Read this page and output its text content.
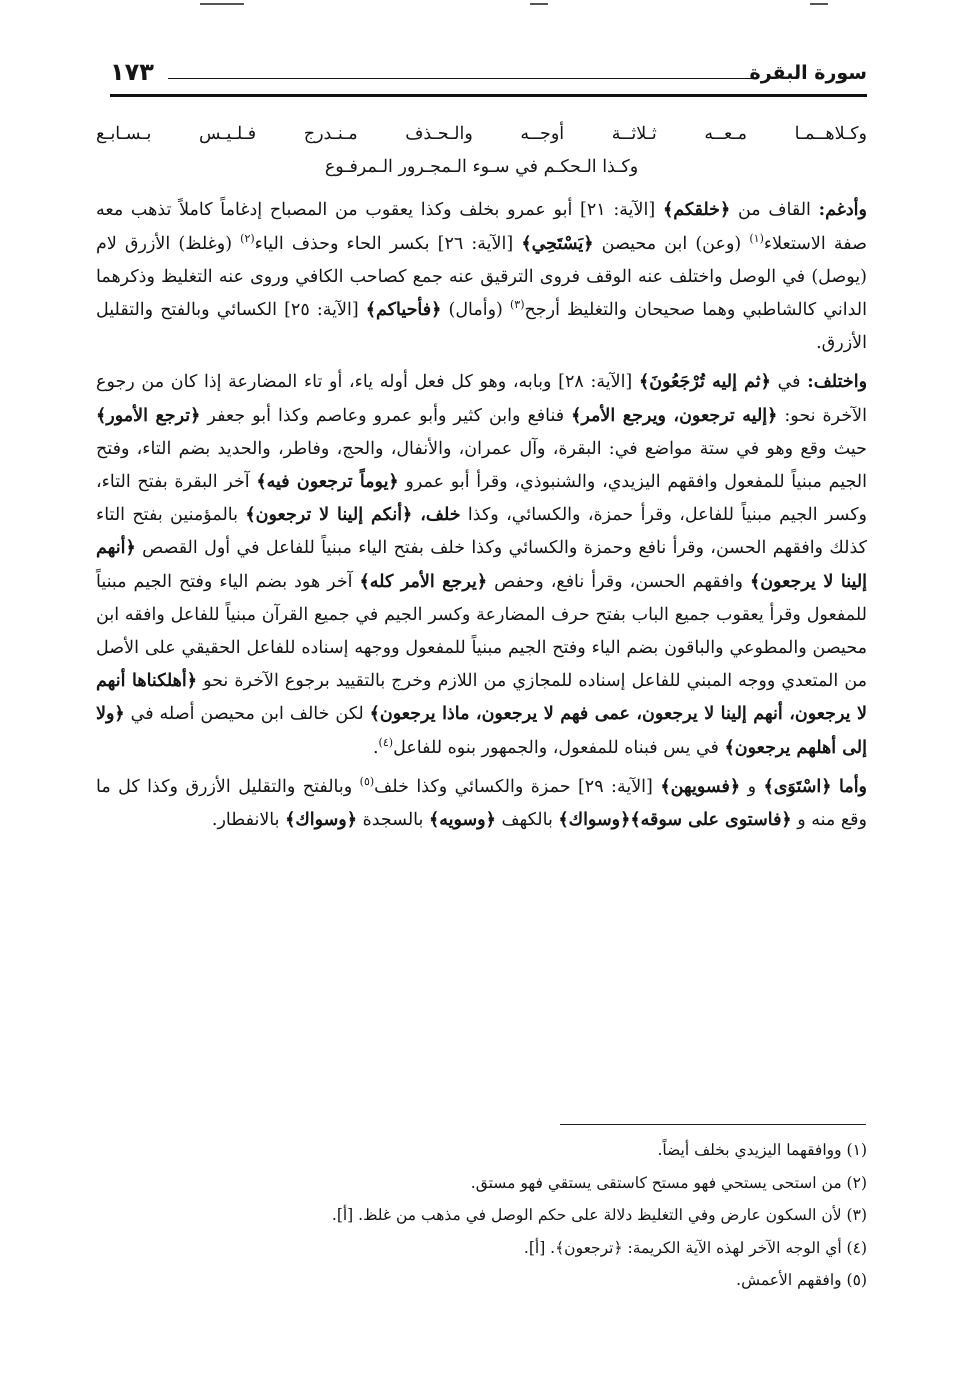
١٧٣	سورة البقرة
وكـلاهــمـا مـعــه ثـلاثــة أوجــه والـحـذف مـنـدرج فـلـيـس بـسـابـع
وكـذا الـحكـم في سـوء الـمجـرور الـمرفـوع
وأدغم: القاف من ﴿خلقكم﴾ [الآية: ٢١] أبو عمرو بخلف وكذا يعقوب من المصباح إدغاماً كاملاً تذهب معه صفة الاستعلاء$^{(١)}$ (وعن) ابن محيصن ﴿يَسْتَحِي﴾ [الآية: ٢٦] بكسر الحاء وحذف الياء$^{(٢)}$ (وغلظ) الأزرق لام (يوصل) في الوصل واختلف عنه الوقف فروى الترقيق عنه جمع كصاحب الكافي وروى عنه التغليظ وذكرهما الداني كالشاطبي وهما صحيحان والتغليظ أرجح$^{(٣)}$ (وأمال) ﴿فأحياكم﴾ [الآية: ٢٥] الكسائي وبالفتح والتقليل الأزرق.
واختلف: في ﴿ثم إليه تُرْجَعُونَ﴾ [الآية: ٢٨] وبابه، وهو كل فعل أوله ياء، أو تاء المضارعة إذا كان من رجوع الآخرة نحو: ﴿إليه ترجعون، ويرجع الأمر﴾ فنافع وابن كثير وأبو عمرو وعاصم وكذا أبو جعفر ﴿ترجع الأمور﴾ حيث وقع وهو في ستة مواضع في: البقرة، وآل عمران، والأنفال، والحج، وفاطر، والحديد بضم التاء، وفتح الجيم مبنياً للمفعول وافقهم اليزيدي، والشنبوذي، وقرأ أبو عمرو ﴿يوماً ترجعون فيه﴾ آخر البقرة بفتح التاء، وكسر الجيم مبنياً للفاعل، وقرأ حمزة، والكسائي، وكذا خلف، ﴿أنكم إلينا لا ترجعون﴾ بالمؤمنين بفتح التاء كذلك وافقهم الحسن، وقرأ نافع وحمزة والكسائي وكذا خلف بفتح الياء مبنياً للفاعل في أول القصص ﴿أنهم إلينا لا يرجعون﴾ وافقهم الحسن، وقرأ نافع، وحفص ﴿يرجع الأمر كله﴾ آخر هود بضم الياء وفتح الجيم مبنياً للمفعول وقرأ يعقوب جميع الباب بفتح حرف المضارعة وكسر الجيم في جميع القرآن مبنياً للفاعل وافقه ابن محيصن والمطوعي والباقون بضم الياء وفتح الجيم مبنياً للمفعول ووجهه إسناده للفاعل الحقيقي على الأصل من المتعدي ووجه المبني للفاعل إسناده للمجازي من اللازم وخرج بالتقييد برجوع الآخرة نحو ﴿أهلكناها أنهم لا يرجعون، أنهم إلينا لا يرجعون، عمى فهم لا يرجعون، ماذا يرجعون﴾ لكن خالف ابن محيصن أصله في ﴿ولا إلى أهلهم يرجعون﴾ في يس فبناه للمفعول، والجمهور بنوه للفاعل$^{(٤)}$.
وأما ﴿اسْتَوَى﴾ و ﴿فسويهن﴾ [الآية: ٢٩] حمزة والكسائي وكذا خلف$^{(٥)}$ وبالفتح والتقليل الأزرق وكذا كل ما وقع منه و ﴿فاستوى على سوقه﴾﴿وسواك﴾ بالكهف ﴿وسويه﴾ بالسجدة ﴿وسواك﴾ بالانفطار.
(١) ووافقهما اليزيدي بخلف أيضاً.
(٢) من استحى يستحي فهو مستح كاستقى يستقي فهو مستق.
(٣) لأن السكون عارض وفي التغليظ دلالة على حكم الوصل في مذهب من غلظ. [أ].
(٤) أي الوجه الآخر لهذه الآية الكريمة: ﴿ترجعون﴾. [أ].
(٥) وافقهم الأعمش.
